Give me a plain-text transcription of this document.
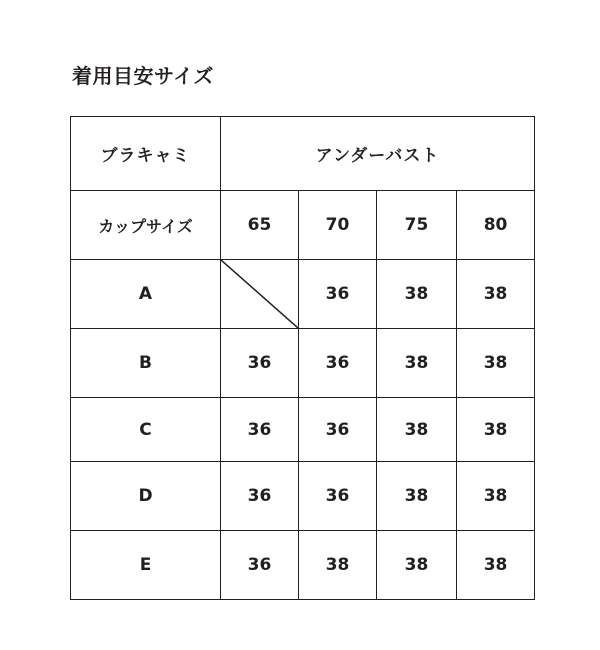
着用目安サイズ
ブラキャミ	アンダーバスト			
カップサイズ	65	70	75	80
A		36	38	38
B	36	36	38	38
C	36	36	38	38
D	36	36	38	38
E	36	38	38	38
